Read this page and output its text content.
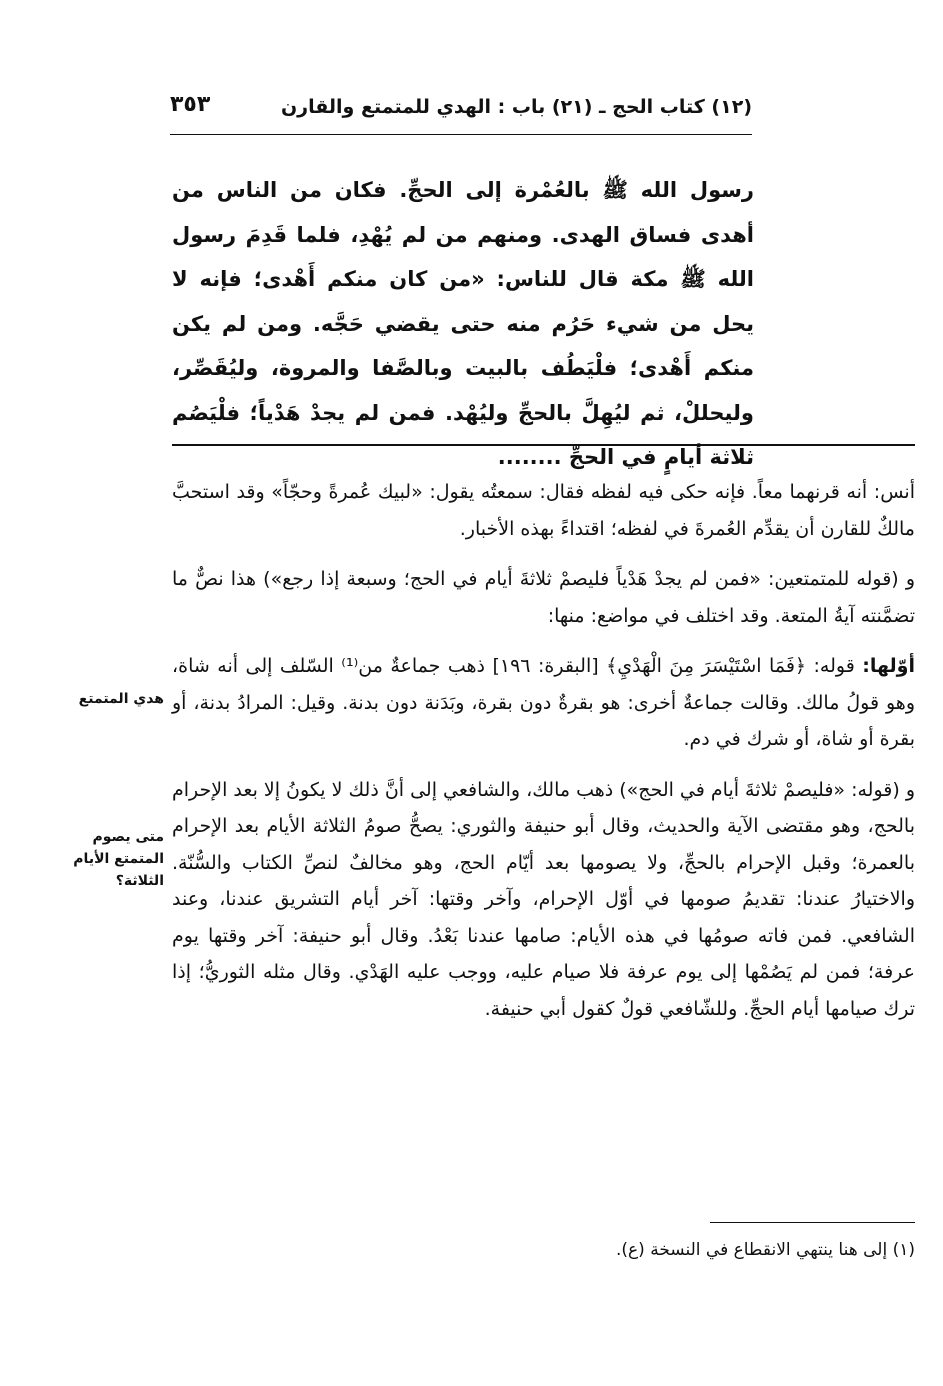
(١٢) كتاب الحج ـ (٢١) باب : الهدي للمتمتع والقارن
٣٥٣
رسول الله ﷺ بالعُمْرة إلى الحجِّ. فكان من الناس من أهدى فساق الهدى. ومنهم من لم يُهْدِ، فلما قَدِمَ رسول الله ﷺ مكة قال للناس: «من كان منكم أَهْدى؛ فإنه لا يحل من شيء حَرُم منه حتى يقضي حَجَّه. ومن لم يكن منكم أَهْدى؛ فلْيَطُف بالبيت وبالصَّفا والمروة، وليُقَصِّر، وليحللْ، ثم ليُهِلَّ بالحجِّ وليُهْد. فمن لم يجدْ هَدْياً؛ فلْيَصُم ثلاثة أيامٍ في الحجِّ ........

أنس: أنه قرنهما معاً. فإنه حكى فيه لفظه فقال: سمعتُه يقول: «لبيك عُمرةً وحجّاً» وقد استحبَّ مالكٌ للقارن أن يقدِّم العُمرةَ في لفظه؛ اقتداءً بهذه الأخبار.

و (قوله للمتمتعين: «فمن لم يجدْ هَدْياً فليصمْ ثلاثةَ أيام في الحج؛ وسبعة إذا رجع») هذا نصٌّ ما تضمَّنته آيةُ المتعة. وقد اختلف في مواضع: منها:

أوّلها: قوله: ﴿فَمَا اسْتَيْسَرَ مِنَ الْهَدْيِ﴾ [البقرة: ١٩٦] ذهب جماعةٌ من⁽¹⁾ السّلف إلى أنه شاة، وهو قولُ مالك. وقالت جماعةٌ أخرى: هو بقرةٌ دون بقرة، وبَدَنة دون بدنة. وقيل: المرادُ بدنة، أو بقرة أو شاة، أو شرك في دم.

و (قوله: «فليصمْ ثلاثةَ أيام في الحج») ذهب مالك، والشافعي إلى أنَّ ذلك لا يكونُ إلا بعد الإحرام بالحج، وهو مقتضى الآية والحديث، وقال أبو حنيفة والثوري: يصحُّ صومُ الثلاثة الأيام بعد الإحرام بالعمرة؛ وقبل الإحرام بالحجِّ، ولا يصومها بعد أيّام الحج، وهو مخالفٌ لنصِّ الكتاب والسُّنّة. والاختيارُ عندنا: تقديمُ صومها في أوّل الإحرام، وآخر وقتها: آخر أيام التشريق عندنا، وعند الشافعي. فمن فاته صومُها في هذه الأيام: صامها عندنا بَعْدُ. وقال أبو حنيفة: آخر وقتها يوم عرفة؛ فمن لم يَصُمْها إلى يوم عرفة فلا صيام عليه، ووجب عليه الهَدْي. وقال مثله الثوريُّ؛ إذا ترك صيامها أيام الحجِّ. وللشّافعي قولٌ كقول أبي حنيفة.

هدي المتمتع
متى يصوم المتمتع الأيام الثلاثة؟
(١) إلى هنا ينتهي الانقطاع في النسخة (ع).
